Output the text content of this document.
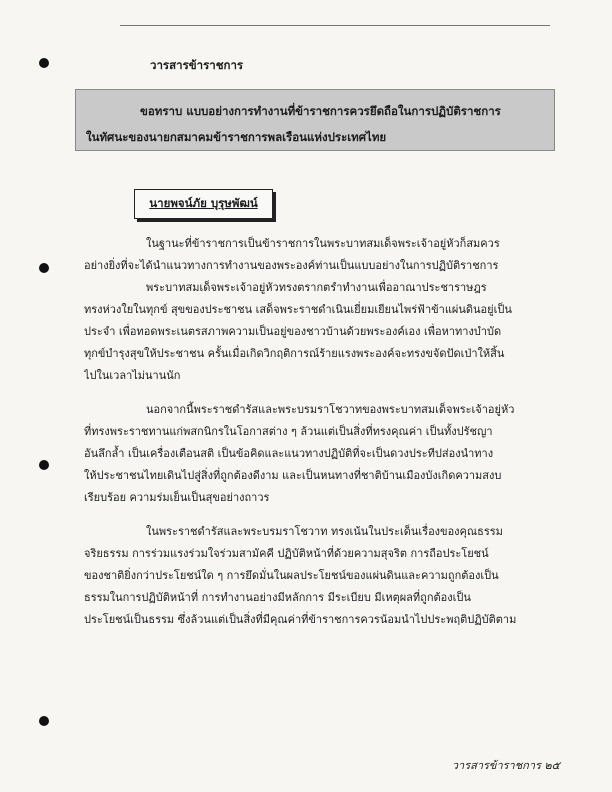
วารสารข้าราชการ
ขอทราบ แบบอย่างการทำงานที่ข้าราชการควรยึดถือในการปฏิบัติราชการ
ในทัศนะของนายกสมาคมข้าราชการพลเรือนแห่งประเทศไทย
นายพจน์ภัย บุรุษพัฒน์
ในฐานะที่ข้าราชการเป็นข้าราชการในพระบาทสมเด็จพระเจ้าอยู่หัวก็สมควร
อย่างยิ่งที่จะได้นำแนวทางการทำงานของพระองค์ท่านเป็นแบบอย่างในการปฏิบัติราชการ
พระบาทสมเด็จพระเจ้าอยู่หัวทรงตรากตรำทำงานเพื่ออาณาประชาราษฎร
ทรงห่วงใยในทุกข์ สุขของประชาชน เสด็จพระราชดำเนินเยี่ยมเยียนไพร่ฟ้าข้าแผ่นดินอยู่เป็น
ประจำ เพื่อทอดพระเนตรสภาพความเป็นอยู่ของชาวบ้านด้วยพระองค์เอง เพื่อหาทางบำบัด
ทุกข์บำรุงสุขให้ประชาชน ครั้นเมื่อเกิดวิกฤติการณ์ร้ายแรงพระองค์จะทรงขจัดปัดเป่าให้สิ้น
ไปในเวลาไม่นานนัก
นอกจากนี้พระราชดำรัสและพระบรมราโชวาทของพระบาทสมเด็จพระเจ้าอยู่หัว
ที่ทรงพระราชทานแก่พสกนิกรในโอกาสต่าง ๆ ล้วนแต่เป็นสิ่งที่ทรงคุณค่า เป็นทั้งปรัชญา
อันลึกล้ำ เป็นเครื่องเตือนสติ เป็นข้อคิดและแนวทางปฏิบัติที่จะเป็นดวงประทีปส่องนำทาง
ให้ประชาชนไทยเดินไปสู่สิ่งที่ถูกต้องดีงาม และเป็นหนทางที่ชาติบ้านเมืองบังเกิดความสงบ
เรียบร้อย ความร่มเย็นเป็นสุขอย่างถาวร
ในพระราชดำรัสและพระบรมราโชวาท ทรงเน้นในประเด็นเรื่องของคุณธรรม
จริยธรรม การร่วมแรงร่วมใจร่วมสามัคคี ปฏิบัติหน้าที่ด้วยความสุจริต การถือประโยชน์
ของชาติยิ่งกว่าประโยชน์ใด ๆ การยึดมั่นในผลประโยชน์ของแผ่นดินและความถูกต้องเป็น
ธรรมในการปฏิบัติหน้าที่ การทำงานอย่างมีหลักการ มีระเบียบ มีเหตุผลที่ถูกต้องเป็น
ประโยชน์เป็นธรรม ซึ่งล้วนแต่เป็นสิ่งที่มีคุณค่าที่ข้าราชการควรน้อมนำไปประพฤติปฏิบัติตาม
วารสารข้าราชการ ๒๕
